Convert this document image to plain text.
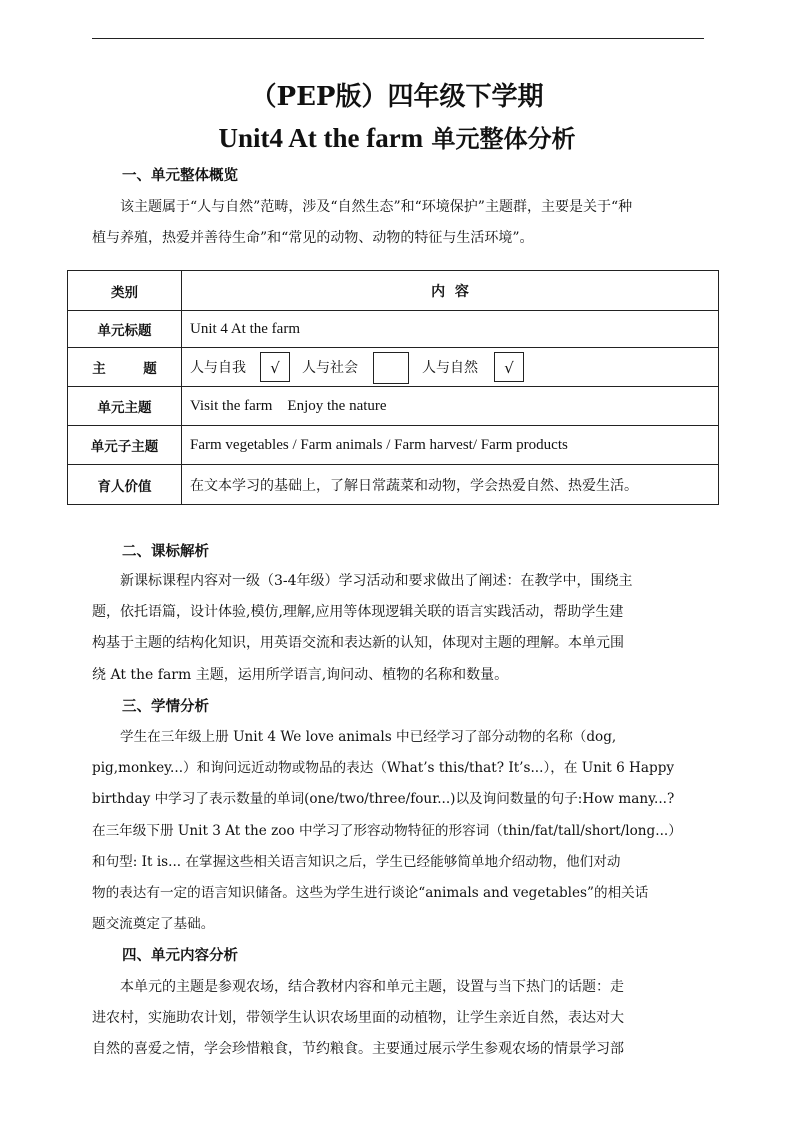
（PEP版）四年级下学期
Unit4 At the farm 单元整体分析
一、单元整体概览
该主题属于“人与自然”范畴，涉及“自然生态”和“环境保护”主题群，主要是关于“种
植与养殖，热爱并善待生命”和“常见的动物、动物的特征与生活环境”。
类别	内  容
单元标题	Unit 4 At the farm
主        题	人与自我 √ 人与社会 人与自然 √

单元主题	Visit the farm    Enjoy the nature
单元子主题	Farm vegetables / Farm animals / Farm harvest/ Farm products
育人价值	在文本学习的基础上，了解日常蔬菜和动物，学会热爱自然、热爱生活。
二、课标解析
新课标课程内容对一级（3-4年级）学习活动和要求做出了阐述：在教学中，围绕主
题，依托语篇，设计体验,模仿,理解,应用等体现逻辑关联的语言实践活动，帮助学生建
构基于主题的结构化知识，用英语交流和表达新的认知，体现对主题的理解。本单元围
绕 At the farm 主题，运用所学语言,询问动、植物的名称和数量。
三、学情分析
学生在三年级上册 Unit 4 We love animals 中已经学习了部分动物的名称（dog,
pig,monkey...）和询问远近动物或物品的表达（What’s this/that? It’s...），在 Unit 6 Happy
birthday 中学习了表示数量的单词(one/two/three/four...)以及询问数量的句子:How many...?
在三年级下册 Unit 3 At the zoo 中学习了形容动物特征的形容词（thin/fat/tall/short/long...）
和句型: It is... 在掌握这些相关语言知识之后，学生已经能够简单地介绍动物，他们对动
物的表达有一定的语言知识储备。这些为学生进行谈论“animals and vegetables”的相关话
题交流奠定了基础。
四、单元内容分析
本单元的主题是参观农场，结合教材内容和单元主题，设置与当下热门的话题：走
进农村，实施助农计划，带领学生认识农场里面的动植物，让学生亲近自然，表达对大
自然的喜爱之情，学会珍惜粮食，节约粮食。主要通过展示学生参观农场的情景学习部
